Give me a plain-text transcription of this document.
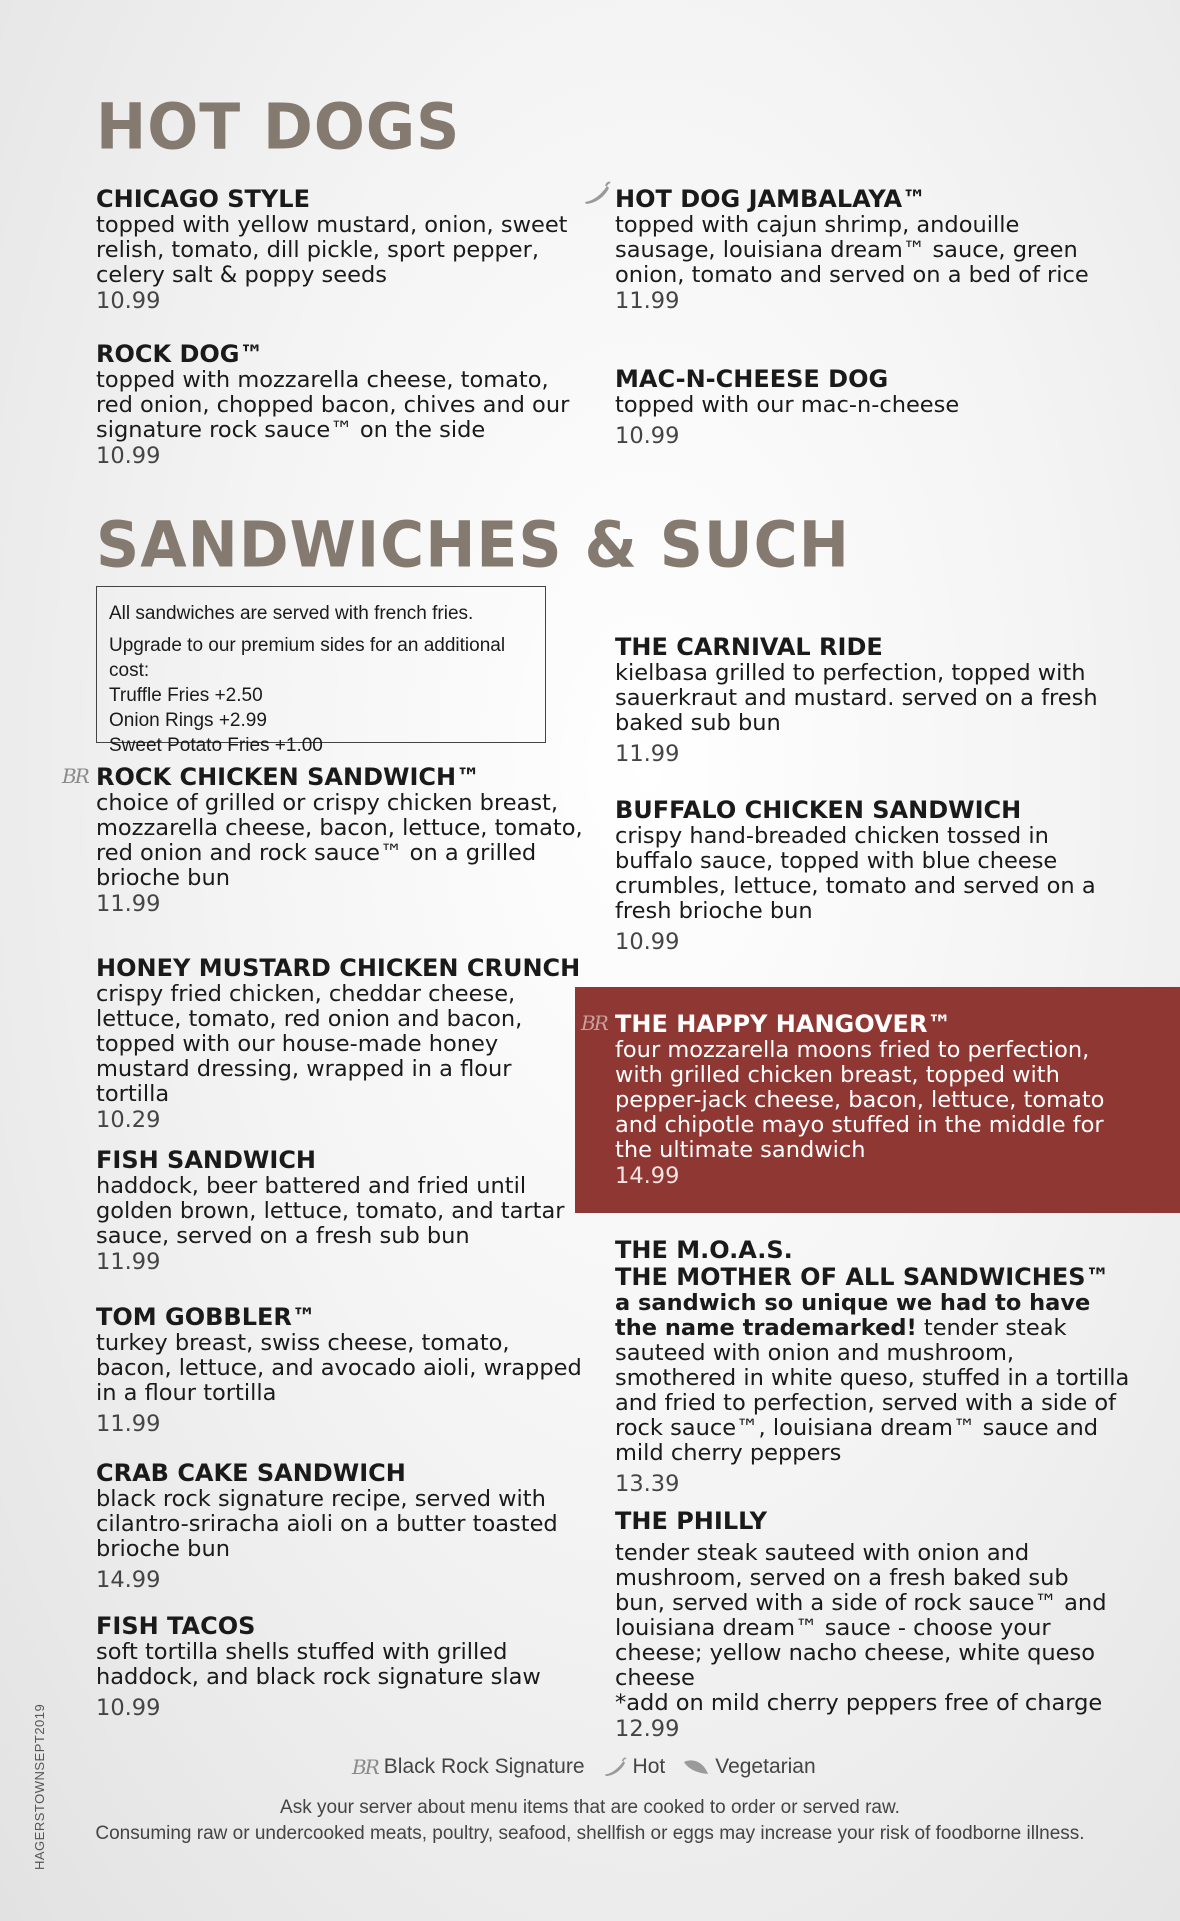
HOT DOGS
SANDWICHES & SUCH
CHICAGO STYLE
topped with yellow mustard, onion, sweet relish, tomato, dill pickle, sport pepper, celery salt & poppy seeds
10.99
ROCK DOG™
topped with mozzarella cheese, tomato, red onion, chopped bacon, chives and our signature rock sauce™ on the side
10.99
HOT DOG JAMBALAYA™
topped with cajun shrimp, andouille sausage, louisiana dream™ sauce, green onion, tomato and served on a bed of rice
11.99
MAC-N-CHEESE DOG
topped with our mac-n-cheese
10.99
All sandwiches are served with french fries.
Upgrade to our premium sides for an additional cost:
Truffle Fries +2.50
Onion Rings +2.99
Sweet Potato Fries +1.00
BR ROCK CHICKEN SANDWICH™
choice of grilled or crispy chicken breast, mozzarella cheese, bacon, lettuce, tomato, red onion and rock sauce™ on a grilled brioche bun
11.99
HONEY MUSTARD CHICKEN CRUNCH
crispy fried chicken, cheddar cheese, lettuce, tomato, red onion and bacon, topped with our house-made honey mustard dressing, wrapped in a flour tortilla
10.29
FISH SANDWICH
haddock, beer battered and fried until golden brown, lettuce, tomato, and tartar sauce, served on a fresh sub bun
11.99
TOM GOBBLER™
turkey breast, swiss cheese, tomato, bacon, lettuce, and avocado aioli, wrapped in a flour tortilla
11.99
CRAB CAKE SANDWICH
black rock signature recipe, served with cilantro-sriracha aioli on a butter toasted brioche bun
14.99
FISH TACOS
soft tortilla shells stuffed with grilled haddock, and black rock signature slaw
10.99
THE CARNIVAL RIDE
kielbasa grilled to perfection, topped with sauerkraut and mustard. served on a fresh baked sub bun
11.99
BUFFALO CHICKEN SANDWICH
crispy hand-breaded chicken tossed in buffalo sauce, topped with blue cheese crumbles, lettuce, tomato and served on a fresh brioche bun
10.99
BR THE HAPPY HANGOVER™
four mozzarella moons fried to perfection, with grilled chicken breast, topped with pepper-jack cheese, bacon, lettuce, tomato and chipotle mayo stuffed in the middle for the ultimate sandwich
14.99
THE M.O.A.S.
THE MOTHER OF ALL SANDWICHES™
a sandwich so unique we had to have the name trademarked! tender steak sauteed with onion and mushroom, smothered in white queso, stuffed in a tortilla and fried to perfection, served with a side of rock sauce™, louisiana dream™ sauce and mild cherry peppers
13.39
THE PHILLY
tender steak sauteed with onion and mushroom, served on a fresh baked sub bun, served with a side of rock sauce™ and louisiana dream™ sauce - choose your cheese; yellow nacho cheese, white queso cheese
*add on mild cherry peppers free of charge
12.99
BR Black Rock Signature Hot Vegetarian
Ask your server about menu items that are cooked to order or served raw.
Consuming raw or undercooked meats, poultry, seafood, shellfish or eggs may increase your risk of foodborne illness.
HAGERSTOWNSEPT2019
